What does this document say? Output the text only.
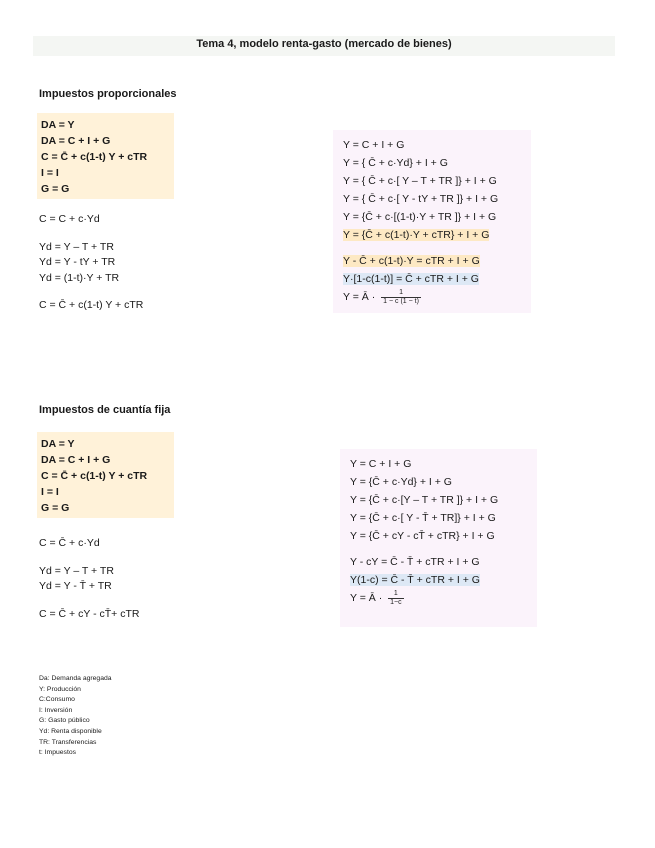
Tema 4, modelo renta-gasto (mercado de bienes)
Impuestos proporcionales
DA = Y
DA = C + I + G
C = C̄ + c(1-t) Y + cTR
I = I
G = G
C = C + c·Yd
Yd = Y – T + TR
Yd = Y - tY + TR
Yd = (1-t)·Y + TR
C = C̄ + c(1-t) Y + cTR
Y = C + I + G
Y = { C̄ + c·Yd} + I + G
Y = { C̄ + c·[ Y – T + TR ]} + I + G
Y = { C̄ + c·[ Y - tY + TR ]} + I + G
Y = {C̄ + c·[(1-t)·Y + TR ]} + I + G
Y = {C̄ + c(1-t)·Y + cTR} + I + G
Y - C̄ + c(1-t)·Y = cTR + I + G
Y·[1-c(1-t)] = C̄ + cTR + I + G
Y = Ā · $\frac{1}{1 - c (1 - t)}$
Impuestos de cuantía fija
DA = Y
DA = C + I + G
C = C̄ + c(1-t) Y + cTR
I = I
G = G
C = C̄ + c·Yd
Yd = Y – T + TR
Yd = Y - T̄ + TR
C = C̄ + cY - cT̄+ cTR
Y = C + I + G
Y = {C̄ + c·Yd} + I + G
Y = {C̄ + c·[Y – T + TR ]} + I + G
Y = {C̄ + c·[ Y - T̄ + TR]} + I + G
Y = {C̄ + cY - cT̄ + cTR} + I + G
Y - cY = C̄ - T̄ + cTR + I + G
Y(1-c) = C̄ - T̄ + cTR + I + G
Y = Ā · $\frac{1}{1-c}$
Da: Demanda agregada
Y: Producción
C:Consumo
I: Inversión
G: Gasto público
Yd: Renta disponible
TR: Transferencias
t: Impuestos
